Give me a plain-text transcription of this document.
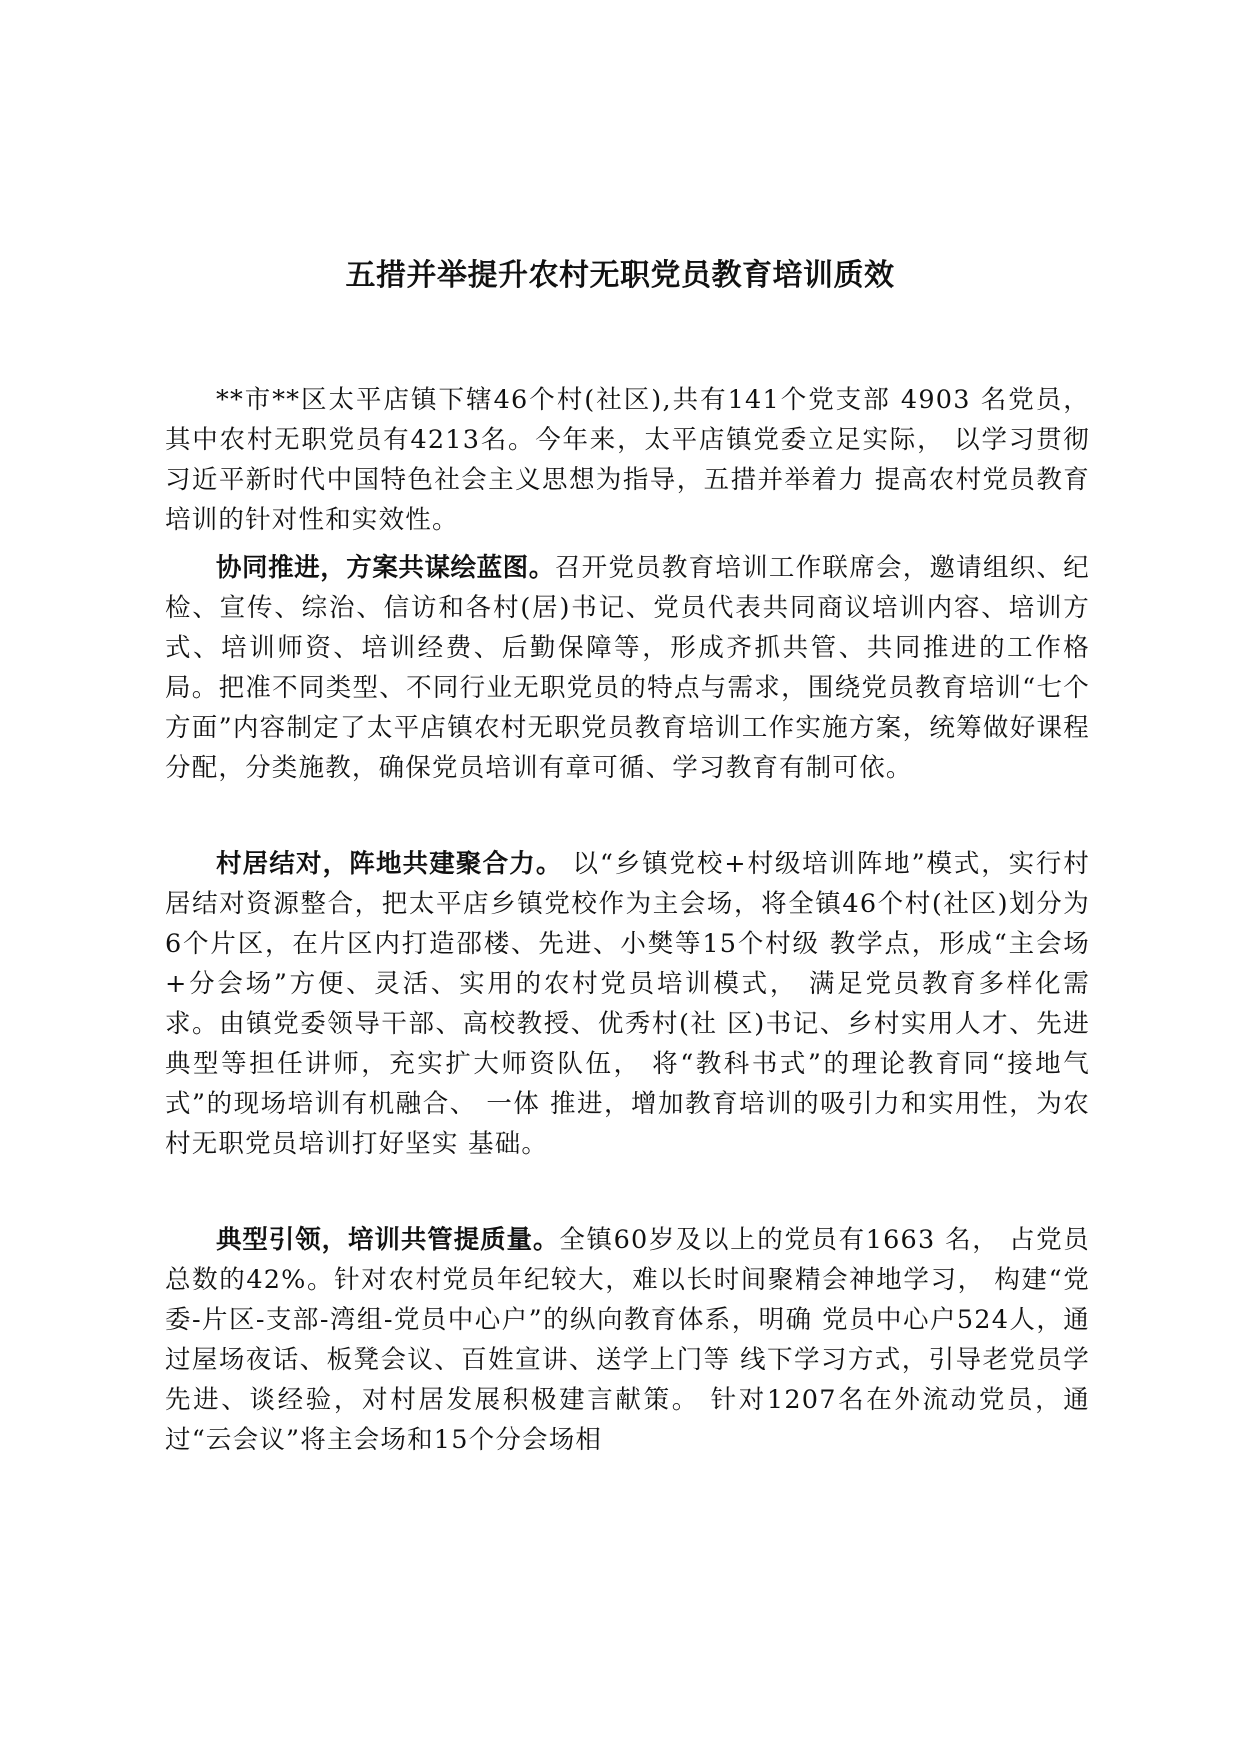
五措并举提升农村无职党员教育培训质效

**市**区太平店镇下辖46个村(社区),共有141个党支部 4903 名党员，其中农村无职党员有4213名。今年来，太平店镇党委立足实际， 以学习贯彻习近平新时代中国特色社会主义思想为指导，五措并举着力 提高农村党员教育培训的针对性和实效性。

协同推进，方案共谋绘蓝图。召开党员教育培训工作联席会，邀请组织、纪检、宣传、综治、信访和各村(居)书记、党员代表共同商议培训内容、培训方式、培训师资、培训经费、后勤保障等，形成齐抓共管、共同推进的工作格局。把准不同类型、不同行业无职党员的特点与需求，围绕党员教育培训“七个方面”内容制定了太平店镇农村无职党员教育培训工作实施方案，统筹做好课程分配，分类施教，确保党员培训有章可循、学习教育有制可依。

村居结对，阵地共建聚合力。 以“乡镇党校+村级培训阵地”模式，实行村居结对资源整合，把太平店乡镇党校作为主会场，将全镇46个村(社区)划分为6个片区，在片区内打造邵楼、先进、小樊等15个村级 教学点，形成“主会场+分会场”方便、灵活、实用的农村党员培训模式， 满足党员教育多样化需求。由镇党委领导干部、高校教授、优秀村(社 区)书记、乡村实用人才、先进典型等担任讲师，充实扩大师资队伍， 将“教科书式”的理论教育同“接地气式”的现场培训有机融合、 一体 推进，增加教育培训的吸引力和实用性，为农村无职党员培训打好坚实 基础。

典型引领，培训共管提质量。全镇60岁及以上的党员有1663 名， 占党员总数的42%。针对农村党员年纪较大，难以长时间聚精会神地学习， 构建“党委-片区-支部-湾组-党员中心户”的纵向教育体系，明确 党员中心户524人，通过屋场夜话、板凳会议、百姓宣讲、送学上门等 线下学习方式，引导老党员学先进、谈经验，对村居发展积极建言献策。 针对1207名在外流动党员，通过“云会议”将主会场和15个分会场相
